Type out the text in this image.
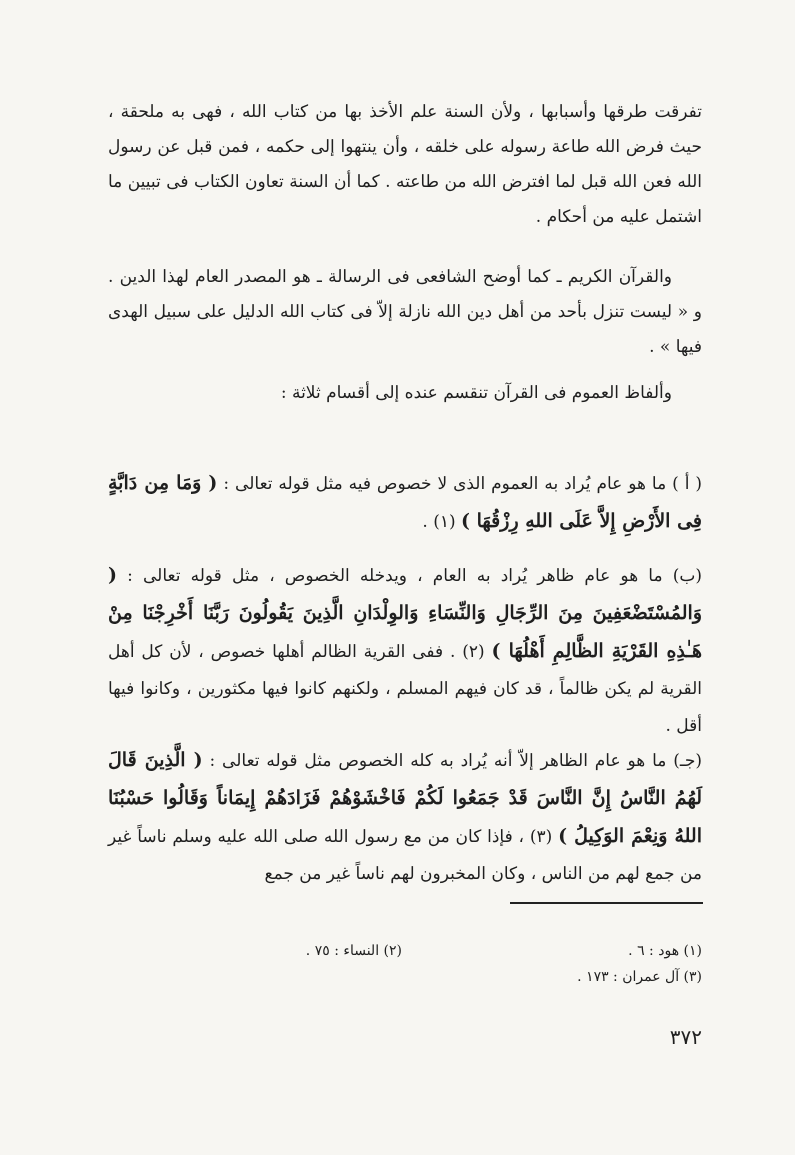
تفرقت طرقها وأسبابها ، ولأن السنة علم الأخذ بها من كتاب الله ، فهى به ملحقة ، حيث فرض الله طاعة رسوله على خلقه ، وأن ينتهوا إلى حكمه ، فمن قبل عن رسول الله فعن الله قبل لما افترض الله من طاعته . كما أن السنة تعاون الكتاب فى تبيين ما اشتمل عليه من أحكام .

والقرآن الكريم ـ كما أوضح الشافعى فى الرسالة ـ هو المصدر العام لهذا الدين . و « ليست تنزل بأحد من أهل دين الله نازلة إلاّ فى كتاب الله الدليل على سبيل الهدى فيها » .

وألفاظ العموم فى القرآن تنقسم عنده إلى أقسام ثلاثة :

( أ ) ما هو عام يُراد به العموم الذى لا خصوص فيه مثل قوله تعالى : ( وَمَا مِن دَابَّةٍ فِى الأَرْضِ إِلاَّ عَلَى اللهِ رِزْقُهَا ) (١) .

(ب) ما هو عام ظاهر يُراد به العام ، ويدخله الخصوص ، مثل قوله تعالى : ( وَالمُسْتَضْعَفِينَ مِنَ الرِّجَالِ وَالنِّسَاءِ وَالوِلْدَانِ الَّذِينَ يَقُولُونَ رَبَّنَا أَخْرِجْنَا مِنْ هَـٰذِهِ القَرْيَةِ الظَّالِمِ أَهْلُهَا ) (٢) . ففى القرية الظالم أهلها خصوص ، لأن كل أهل القرية لم يكن ظالماً ، قد كان فيهم المسلم ، ولكنهم كانوا فيها مكثورين ، وكانوا فيها أقل .

(جـ) ما هو عام الظاهر إلاّ أنه يُراد به كله الخصوص مثل قوله تعالى : ( الَّذِينَ قَالَ لَهُمُ النَّاسُ إِنَّ النَّاسَ قَدْ جَمَعُوا لَكُمْ فَاخْشَوْهُمْ فَزَادَهُمْ إِيمَاناً وَقَالُوا حَسْبُنَا اللهُ وَنِعْمَ الوَكِيلُ ) (٣) ، فإذا كان من مع رسول الله صلى الله عليه وسلم ناساً غير من جمع لهم من الناس ، وكان المخبرون لهم ناساً غير من جمع

(١) هود : ٦ .
(٢) النساء : ٧٥ .
(٣) آل عمران : ١٧٣ .
٣٧٢
